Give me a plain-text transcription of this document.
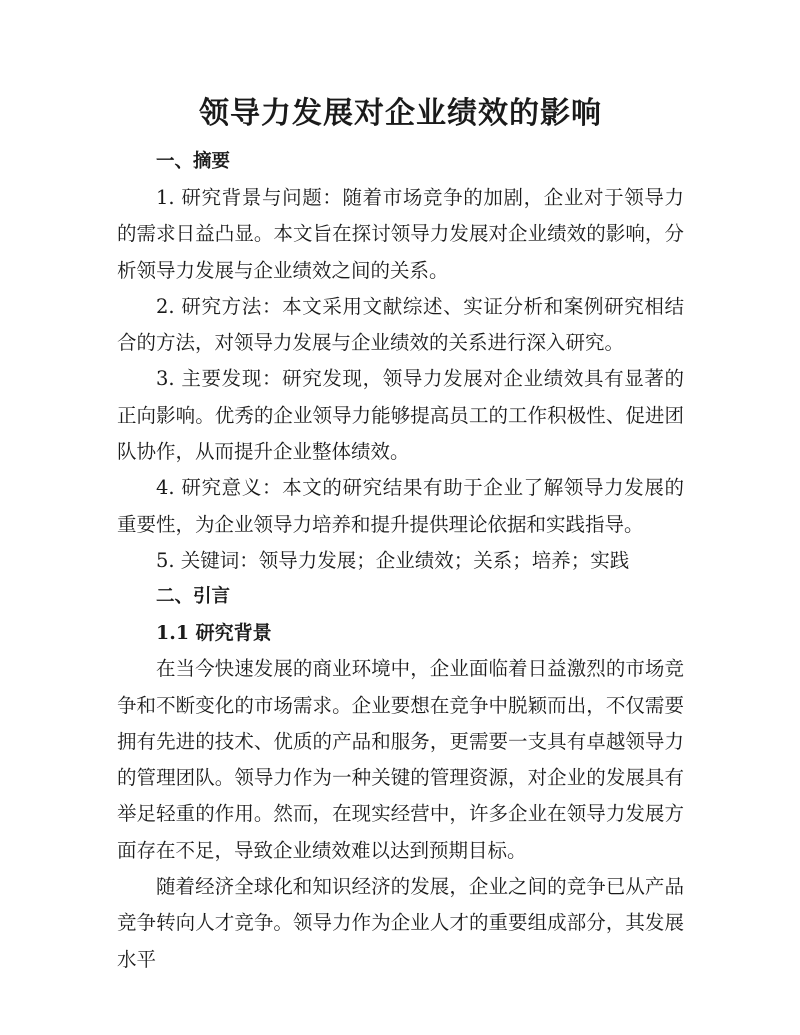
领导力发展对企业绩效的影响
一、摘要

1. 研究背景与问题：随着市场竞争的加剧，企业对于领导力的需求日益凸显。本文旨在探讨领导力发展对企业绩效的影响，分析领导力发展与企业绩效之间的关系。

2. 研究方法：本文采用文献综述、实证分析和案例研究相结合的方法，对领导力发展与企业绩效的关系进行深入研究。

3. 主要发现：研究发现，领导力发展对企业绩效具有显著的正向影响。优秀的企业领导力能够提高员工的工作积极性、促进团队协作，从而提升企业整体绩效。

4. 研究意义：本文的研究结果有助于企业了解领导力发展的重要性，为企业领导力培养和提升提供理论依据和实践指导。

5. 关键词：领导力发展；企业绩效；关系；培养；实践

二、引言
1.1 研究背景

在当今快速发展的商业环境中，企业面临着日益激烈的市场竞争和不断变化的市场需求。企业要想在竞争中脱颖而出，不仅需要拥有先进的技术、优质的产品和服务，更需要一支具有卓越领导力的管理团队。领导力作为一种关键的管理资源，对企业的发展具有举足轻重的作用。然而，在现实经营中，许多企业在领导力发展方面存在不足，导致企业绩效难以达到预期目标。

随着经济全球化和知识经济的发展，企业之间的竞争已从产品竞争转向人才竞争。领导力作为企业人才的重要组成部分，其发展水平
